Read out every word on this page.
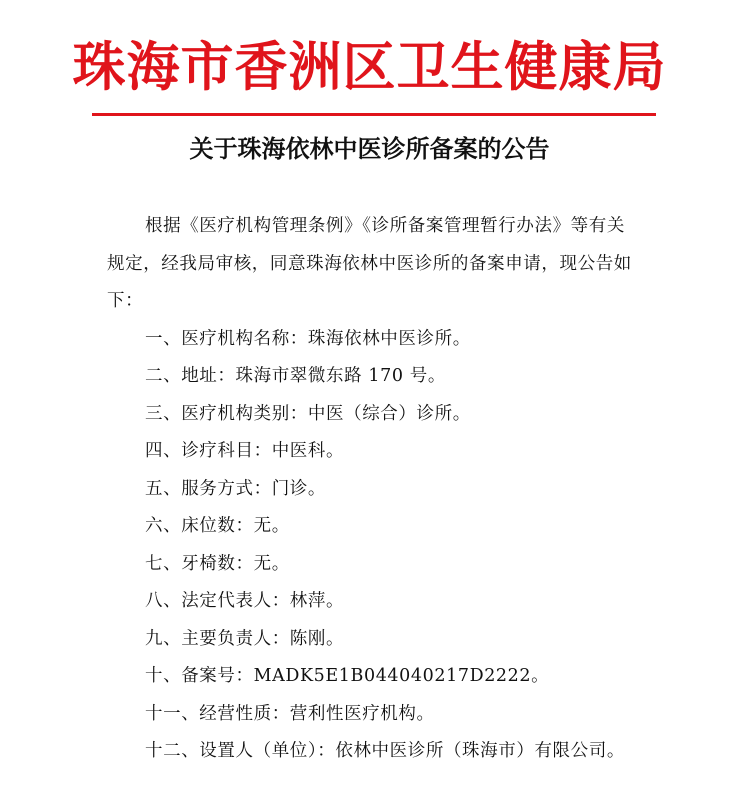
珠海市香洲区卫生健康局
关于珠海依林中医诊所备案的公告

根据《医疗机构管理条例》《诊所备案管理暂行办法》等有关规定，经我局审核，同意珠海依林中医诊所的备案申请，现公告如下：

一、医疗机构名称：珠海依林中医诊所。

二、地址：珠海市翠微东路 170 号。

三、医疗机构类别：中医（综合）诊所。

四、诊疗科目：中医科。

五、服务方式：门诊。

六、床位数：无。

七、牙椅数：无。

八、法定代表人：林萍。

九、主要负责人：陈刚。

十、备案号：MADK5E1B044040217D2222。

十一、经营性质：营利性医疗机构。

十二、设置人（单位）：依林中医诊所（珠海市）有限公司。
